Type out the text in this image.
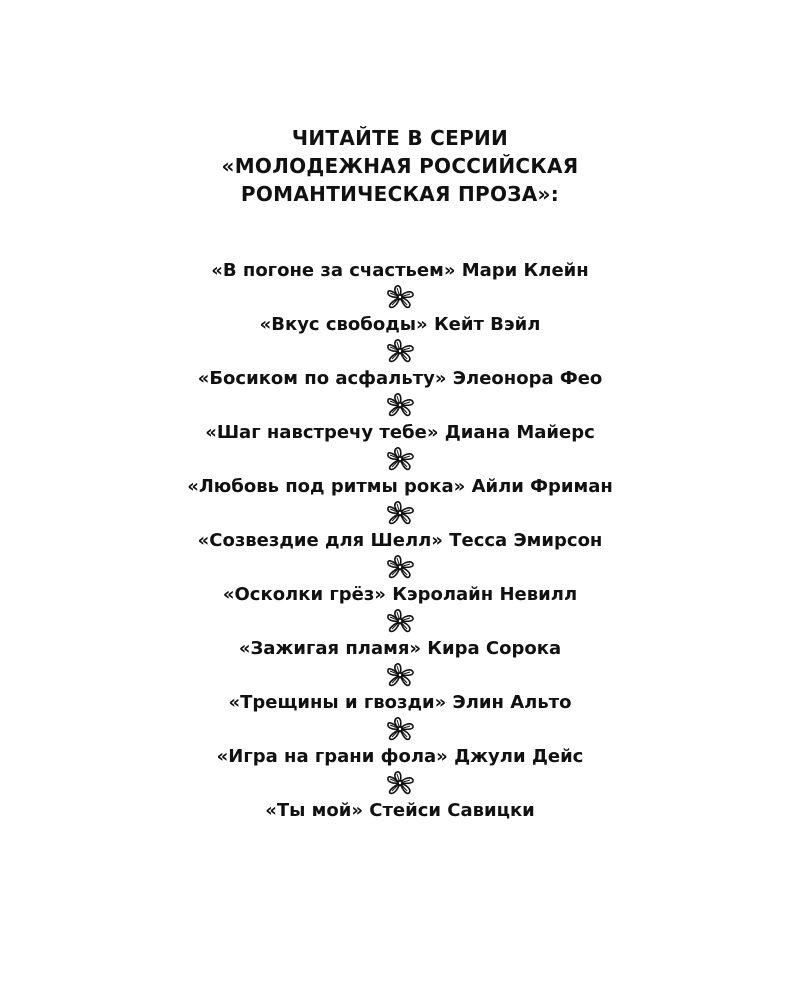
ЧИТАЙТЕ В СЕРИИ
«МОЛОДЕЖНАЯ РОССИЙСКАЯ
РОМАНТИЧЕСКАЯ ПРОЗА»:
«В погоне за счастьем» Мари Клейн
«Вкус свободы» Кейт Вэйл
«Босиком по асфальту» Элеонора Фео
«Шаг навстречу тебе» Диана Майерс
«Любовь под ритмы рока» Айли Фриман
«Созвездие для Шелл» Тесса Эмирсон
«Осколки грёз» Кэролайн Невилл
«Зажигая пламя» Кира Сорока
«Трещины и гвозди» Элин Альто
«Игра на грани фола» Джули Дейс
«Ты мой» Стейси Савицки
